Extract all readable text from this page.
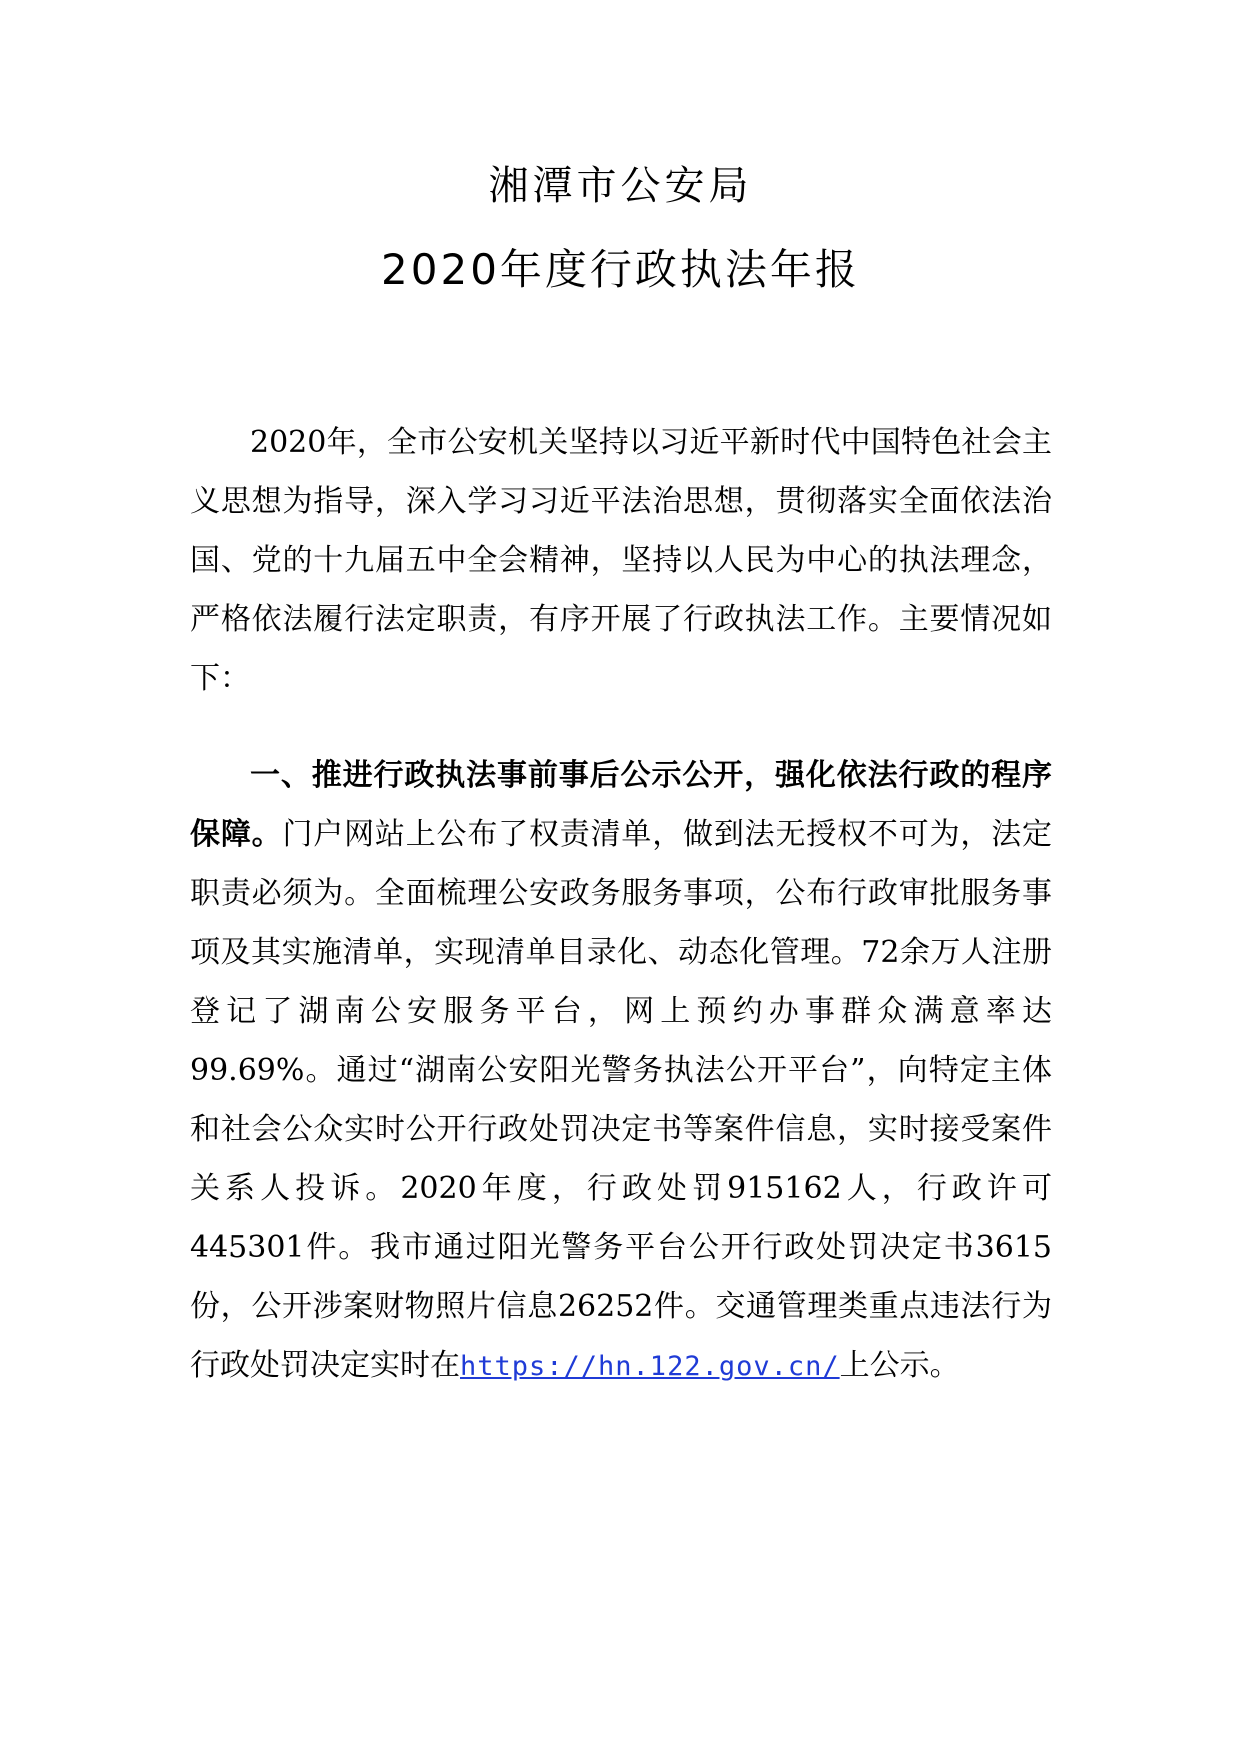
湘潭市公安局
2020年度行政执法年报
2020年，全市公安机关坚持以习近平新时代中国特色社会主义思想为指导，深入学习习近平法治思想，贯彻落实全面依法治国、党的十九届五中全会精神，坚持以人民为中心的执法理念，严格依法履行法定职责，有序开展了行政执法工作。主要情况如下：
一、推进行政执法事前事后公示公开，强化依法行政的程序保障。门户网站上公布了权责清单，做到法无授权不可为，法定职责必须为。全面梳理公安政务服务事项，公布行政审批服务事项及其实施清单，实现清单目录化、动态化管理。72余万人注册登记了湖南公安服务平台，网上预约办事群众满意率达99.69%。通过“湖南公安阳光警务执法公开平台”，向特定主体和社会公众实时公开行政处罚决定书等案件信息，实时接受案件关系人投诉。2020年度，行政处罚915162人，行政许可445301件。我市通过阳光警务平台公开行政处罚决定书3615份，公开涉案财物照片信息26252件。交通管理类重点违法行为行政处罚决定实时在https://hn.122.gov.cn/上公示。
